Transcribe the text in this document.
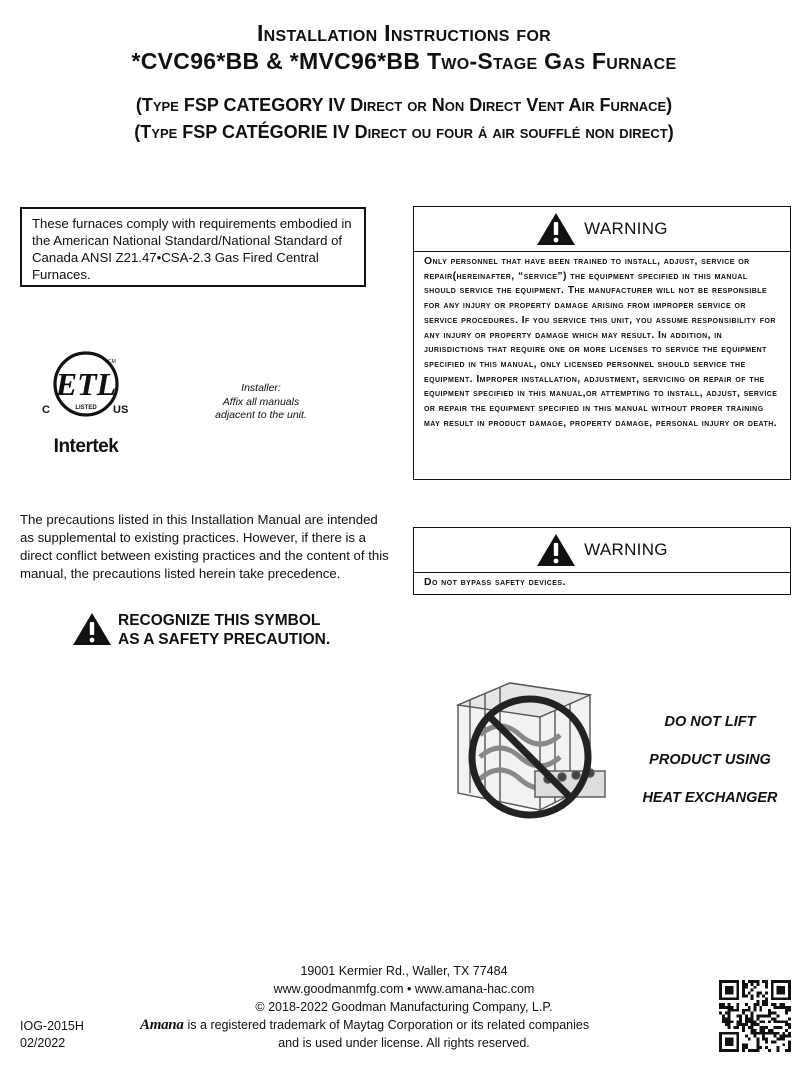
Installation Instructions for
*CVC96*BB & *MVC96*BB Two-Stage Gas Furnace
(Type FSP CATEGORY IV Direct or Non Direct Vent Air Furnace)
(Type FSP CATÉGORIE IV Direct ou four á air soufflé non direct)
These furnaces comply with requirements embodied in the American National Standard/National Standard of Canada ANSI Z21.47•CSA-2.3 Gas Fired Central Furnaces.
ETL
LISTED
CM
C	US
Intertek
Installer:
Affix all manuals
adjacent to the unit.
WARNING
Only personnel that have been trained to install, adjust, service or repair(hereinafter, “service”) the equipment specified in this manual should service the equipment. The manufacturer will not be responsible for any injury or property damage arising from improper service or service procedures. If you service this unit, you assume responsibility for any injury or property damage which may result. In addition, in jurisdictions that require one or more licenses to service the equipment specified in this manual, only licensed personnel should service the equipment. Improper installation, adjustment, servicing or repair of the equipment specified in this manual,or attempting to install, adjust, service or repair the equipment specified in this manual without proper training may result in product damage, property damage, personal injury or death.
WARNING
Do not bypass safety devices.
The precautions listed in this Installation Manual are intended as supplemental to existing practices. However, if there is a direct conflict between existing practices and the content of this manual, the precautions listed herein take precedence.
RECOGNIZE THIS SYMBOL
AS A SAFETY PRECAUTION.
DO NOT LIFT
PRODUCT USING
HEAT EXCHANGER
19001 Kermier Rd., Waller, TX 77484
www.goodmanmfg.com • www.amana-hac.com
© 2018-2022 Goodman Manufacturing Company, L.P.
Amana is a registered trademark of Maytag Corporation or its related companies
and is used under license. All rights reserved.
IOG-2015H
02/2022
